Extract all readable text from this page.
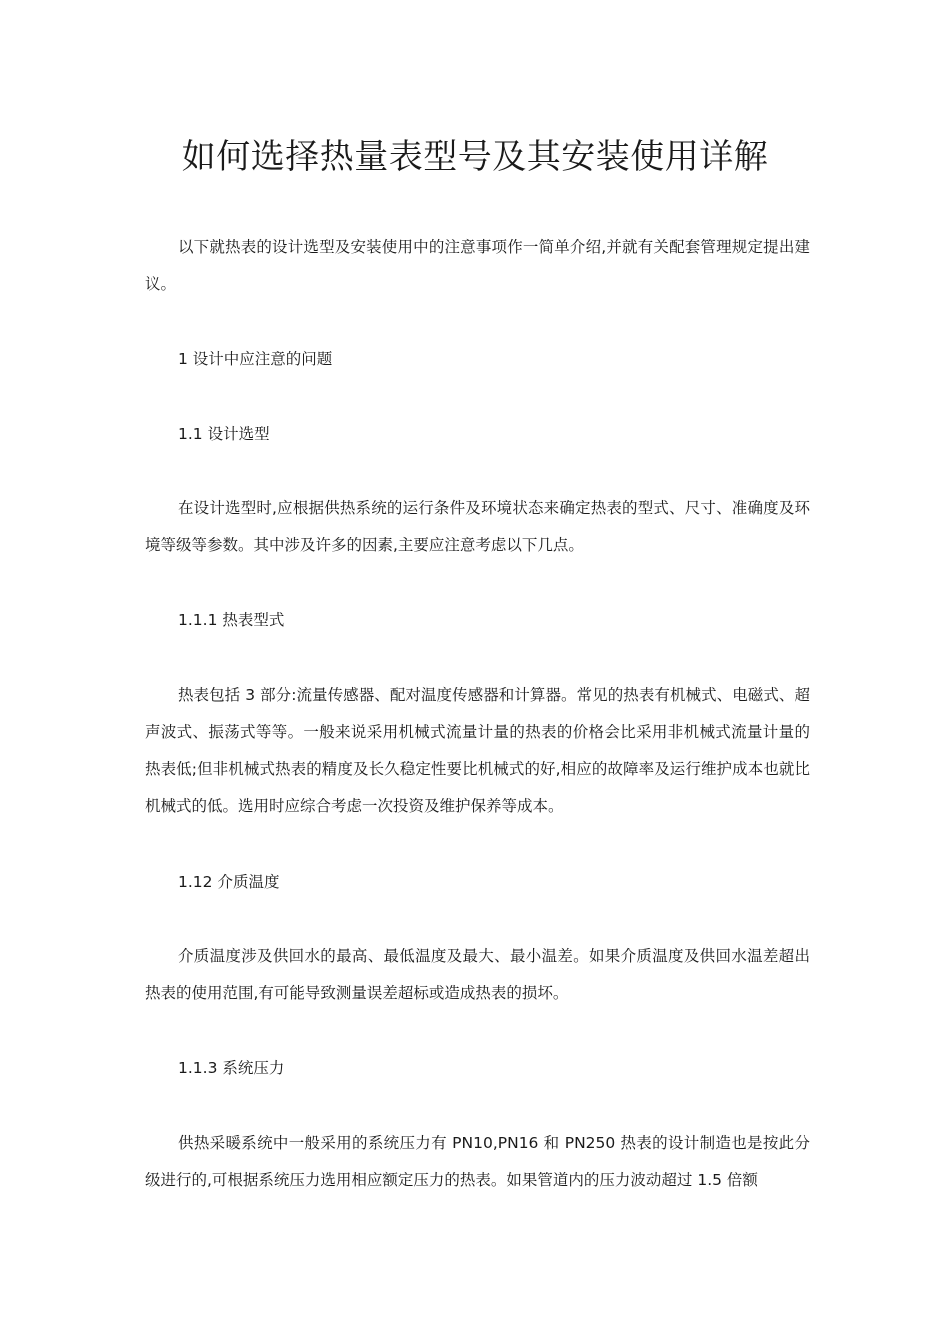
如何选择热量表型号及其安装使用详解

以下就热表的设计选型及安装使用中的注意事项作一简单介绍,并就有关配套管理规定提出建议。

1 设计中应注意的问题
1.1 设计选型

在设计选型时,应根据供热系统的运行条件及环境状态来确定热表的型式、尺寸、准确度及环境等级等参数。其中涉及许多的因素,主要应注意考虑以下几点。

1.1.1 热表型式

热表包括 3 部分:流量传感器、配对温度传感器和计算器。常见的热表有机械式、电磁式、超声波式、振荡式等等。一般来说采用机械式流量计量的热表的价格会比采用非机械式流量计量的热表低;但非机械式热表的精度及长久稳定性要比机械式的好,相应的故障率及运行维护成本也就比机械式的低。选用时应综合考虑一次投资及维护保养等成本。

1.12 介质温度

介质温度涉及供回水的最高、最低温度及最大、最小温差。如果介质温度及供回水温差超出热表的使用范围,有可能导致测量误差超标或造成热表的损坏。

1.1.3 系统压力

供热采暖系统中一般采用的系统压力有 PN10,PN16 和 PN250 热表的设计制造也是按此分级进行的,可根据系统压力选用相应额定压力的热表。如果管道内的压力波动超过 1.5 倍额
